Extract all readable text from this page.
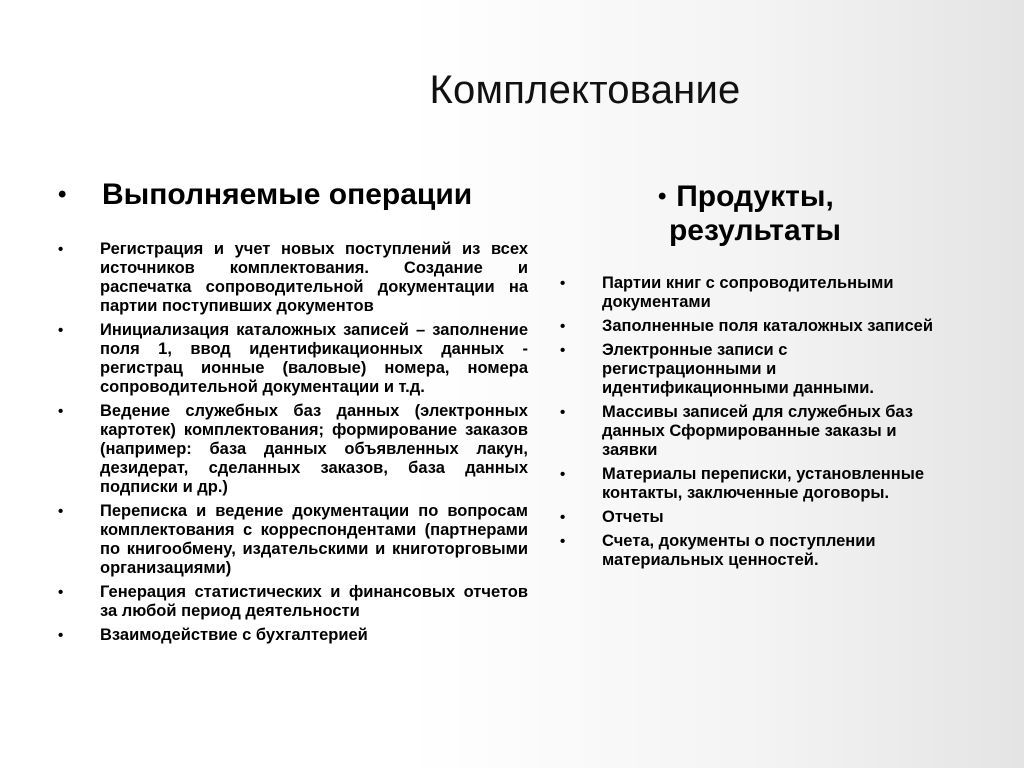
Комплектование
• Выполняемые операции
• Регистрация и учет новых поступлений из всех источников комплектования. Создание и распечатка сопроводительной документации на партии поступивших документов
• Инициализация каталожных записей – заполнение поля 1, ввод идентификационных данных - регистрац ионные (валовые) номера, номера сопроводительной документации и т.д.
• Ведение служебных баз данных (электронных картотек) комплектования; формирование заказов (например: база данных объявленных лакун, дезидерат, сделанных заказов, база данных подписки и др.)
• Переписка и ведение документации по вопросам комплектования с корреспондентами (партнерами по книгообмену, издательскими и книготорговыми организациями)
• Генерация статистических и финансовых отчетов за любой период деятельности
• Взаимодействие с бухгалтерией
• Продукты, результаты
• Партии книг с сопроводительными документами
• Заполненные поля каталожных записей
• Электронные записи с регистрационными и идентификационными данными.
• Массивы записей для служебных баз данных Сформированные заказы и заявки
• Материалы переписки, установленные контакты, заключенные договоры.
• Отчеты
• Счета, документы о поступлении материальных ценностей.
